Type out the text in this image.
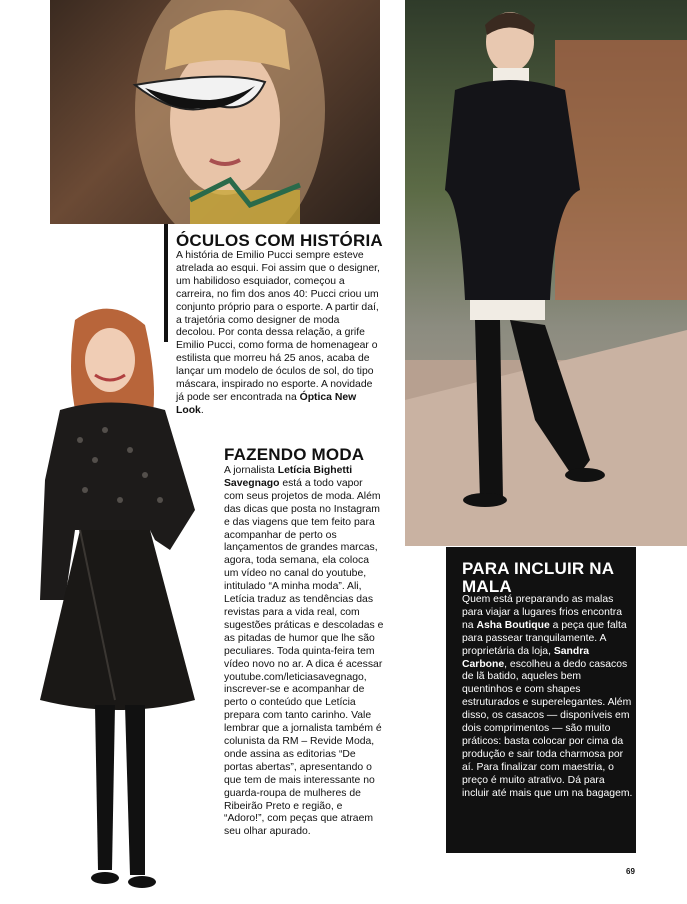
ÓCULOS COM HISTÓRIA
A história de Emilio Pucci sempre esteve atrelada ao esqui. Foi assim que o designer, um habilidoso esquiador, começou a carreira, no fim dos anos 40: Pucci criou um conjunto próprio para o esporte. A partir daí, a trajetória como designer de moda decolou. Por conta dessa relação, a grife Emilio Pucci, como forma de homenagear o estilista que morreu há 25 anos, acaba de lançar um modelo de óculos de sol, do tipo máscara, inspirado no esporte. A novidade já pode ser encontrada na Óptica New Look.
FAZENDO MODA
A jornalista Letícia Bighetti Savegnago está a todo vapor com seus projetos de moda. Além das dicas que posta no Instagram e das viagens que tem feito para acompanhar de perto os lançamentos de grandes marcas, agora, toda semana, ela coloca um vídeo no canal do youtube, intitulado “A minha moda”. Ali, Letícia traduz as tendências das revistas para a vida real, com sugestões práticas e descoladas e as pitadas de humor que lhe são peculiares. Toda quinta-feira tem vídeo novo no ar. A dica é acessar youtube.com/leticiasavegnago, inscrever-se e acompanhar de perto o conteúdo que Letícia prepara com tanto carinho. Vale lembrar que a jornalista também é colunista da RM – Revide Moda, onde assina as editorias “De portas abertas”, apresentando o que tem de mais interessante no guarda-roupa de mulheres de Ribeirão Preto e região, e “Adoro!”, com peças que atraem seu olhar apurado.
PARA INCLUIR NA MALA
Quem está preparando as malas para viajar a lugares frios encontra na Asha Boutique a peça que falta para passear tranquilamente. A proprietária da loja, Sandra Carbone, escolheu a dedo casacos de lã batido, aqueles bem quentinhos e com shapes estruturados e superelegantes. Além disso, os casacos — disponíveis em dois comprimentos — são muito práticos: basta colocar por cima da produção e sair toda charmosa por aí. Para finalizar com maestria, o preço é muito atrativo. Dá para incluir até mais que um na bagagem.
69
